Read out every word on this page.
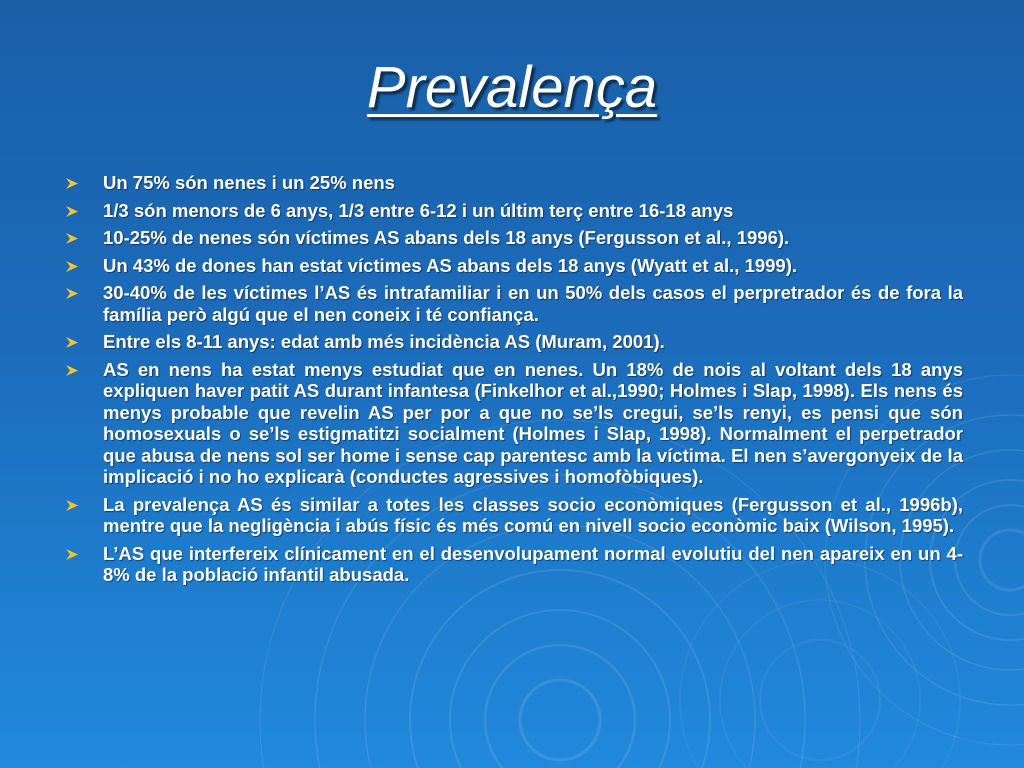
Prevalença
Un 75% són nenes i un 25% nens
1/3 són menors de 6 anys, 1/3 entre 6-12 i un últim terç entre 16-18 anys
10-25% de nenes són víctimes AS abans dels 18 anys (Fergusson et al., 1996).
Un 43% de dones han estat víctimes AS abans dels 18 anys (Wyatt et al., 1999).
30-40% de les víctimes l’AS és intrafamiliar i en un 50% dels casos el perpretrador és de fora la família però algú que el nen coneix i té confiança.
Entre els 8-11 anys: edat amb més incidència AS (Muram, 2001).
AS en nens ha estat menys estudiat que en nenes. Un 18% de nois al voltant dels 18 anys expliquen haver patit AS durant infantesa (Finkelhor et al.,1990; Holmes i Slap, 1998). Els nens és menys probable que revelin AS per por a que no se’ls cregui, se’ls renyi, es pensi que són homosexuals o se’ls estigmatitzi socialment (Holmes i Slap, 1998). Normalment el perpetrador que abusa de nens sol ser home i sense cap parentesc amb la víctima. El nen s’avergonyeix de la implicació i no ho explicarà (conductes agressives i homofòbiques).
La prevalença AS és similar a totes les classes socio econòmiques (Fergusson et al., 1996b), mentre que la negligència i abús físic és més comú en nivell socio econòmic baix (Wilson, 1995).
L’AS que interfereix clínicament en el desenvolupament normal evolutiu del nen apareix en un 4-8% de la població infantil abusada.
